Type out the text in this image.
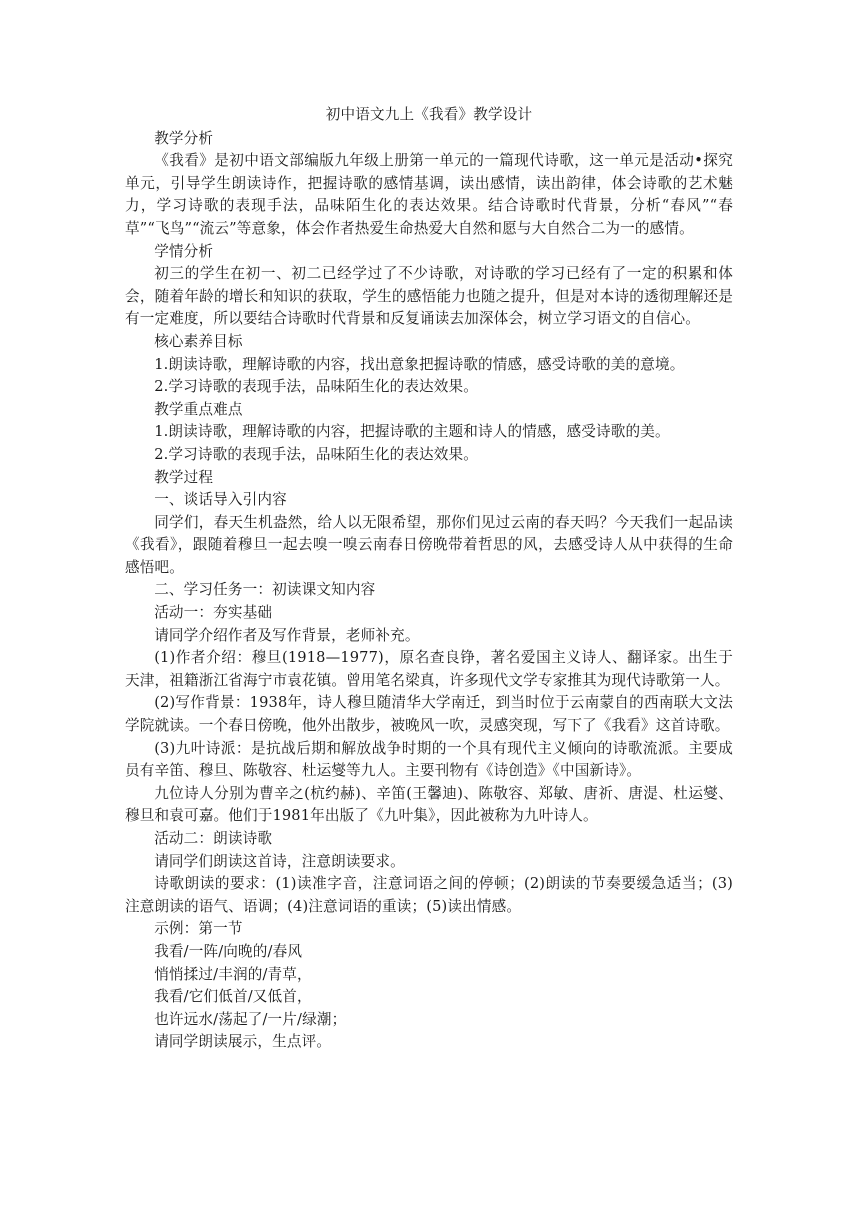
初中语文九上《我看》教学设计

教学分析

《我看》是初中语文部编版九年级上册第一单元的一篇现代诗歌，这一单元是活动•探究单元，引导学生朗读诗作，把握诗歌的感情基调，读出感情，读出韵律，体会诗歌的艺术魅力，学习诗歌的表现手法，品味陌生化的表达效果。结合诗歌时代背景，分析“春风”“春草”“飞鸟”“流云”等意象，体会作者热爱生命热爱大自然和愿与大自然合二为一的感情。

学情分析

初三的学生在初一、初二已经学过了不少诗歌，对诗歌的学习已经有了一定的积累和体会，随着年龄的增长和知识的获取，学生的感悟能力也随之提升，但是对本诗的透彻理解还是有一定难度，所以要结合诗歌时代背景和反复诵读去加深体会，树立学习语文的自信心。

核心素养目标

1.朗读诗歌，理解诗歌的内容，找出意象把握诗歌的情感，感受诗歌的美的意境。

2.学习诗歌的表现手法，品味陌生化的表达效果。

教学重点难点

1.朗读诗歌，理解诗歌的内容，把握诗歌的主题和诗人的情感，感受诗歌的美。

2.学习诗歌的表现手法，品味陌生化的表达效果。

教学过程

一、谈话导入引内容

同学们，春天生机盎然，给人以无限希望，那你们见过云南的春天吗？今天我们一起品读《我看》，跟随着穆旦一起去嗅一嗅云南春日傍晚带着哲思的风，去感受诗人从中获得的生命感悟吧。

二、学习任务一：初读课文知内容

活动一：夯实基础

请同学介绍作者及写作背景，老师补充。

(1)作者介绍：穆旦(1918—1977)，原名查良铮，著名爱国主义诗人、翻译家。出生于天津，祖籍浙江省海宁市袁花镇。曾用笔名梁真，许多现代文学专家推其为现代诗歌第一人。

(2)写作背景：1938年，诗人穆旦随清华大学南迁，到当时位于云南蒙自的西南联大文法学院就读。一个春日傍晚，他外出散步，被晚风一吹，灵感突现，写下了《我看》这首诗歌。

(3)九叶诗派：是抗战后期和解放战争时期的一个具有现代主义倾向的诗歌流派。主要成员有辛笛、穆旦、陈敬容、杜运燮等九人。主要刊物有《诗创造》《中国新诗》。

九位诗人分别为曹辛之(杭约赫)、辛笛(王馨迪)、陈敬容、郑敏、唐祈、唐湜、杜运燮、穆旦和袁可嘉。他们于1981年出版了《九叶集》，因此被称为九叶诗人。

活动二：朗读诗歌

请同学们朗读这首诗，注意朗读要求。

诗歌朗读的要求：(1)读准字音，注意词语之间的停顿；(2)朗读的节奏要缓急适当；(3)注意朗读的语气、语调；(4)注意词语的重读；(5)读出情感。

示例：第一节

我看/一阵/向晚的/春风

悄悄揉过/丰润的/青草，

我看/它们低首/又低首，

也许远水/荡起了/一片/绿潮；

请同学朗读展示，生点评。
